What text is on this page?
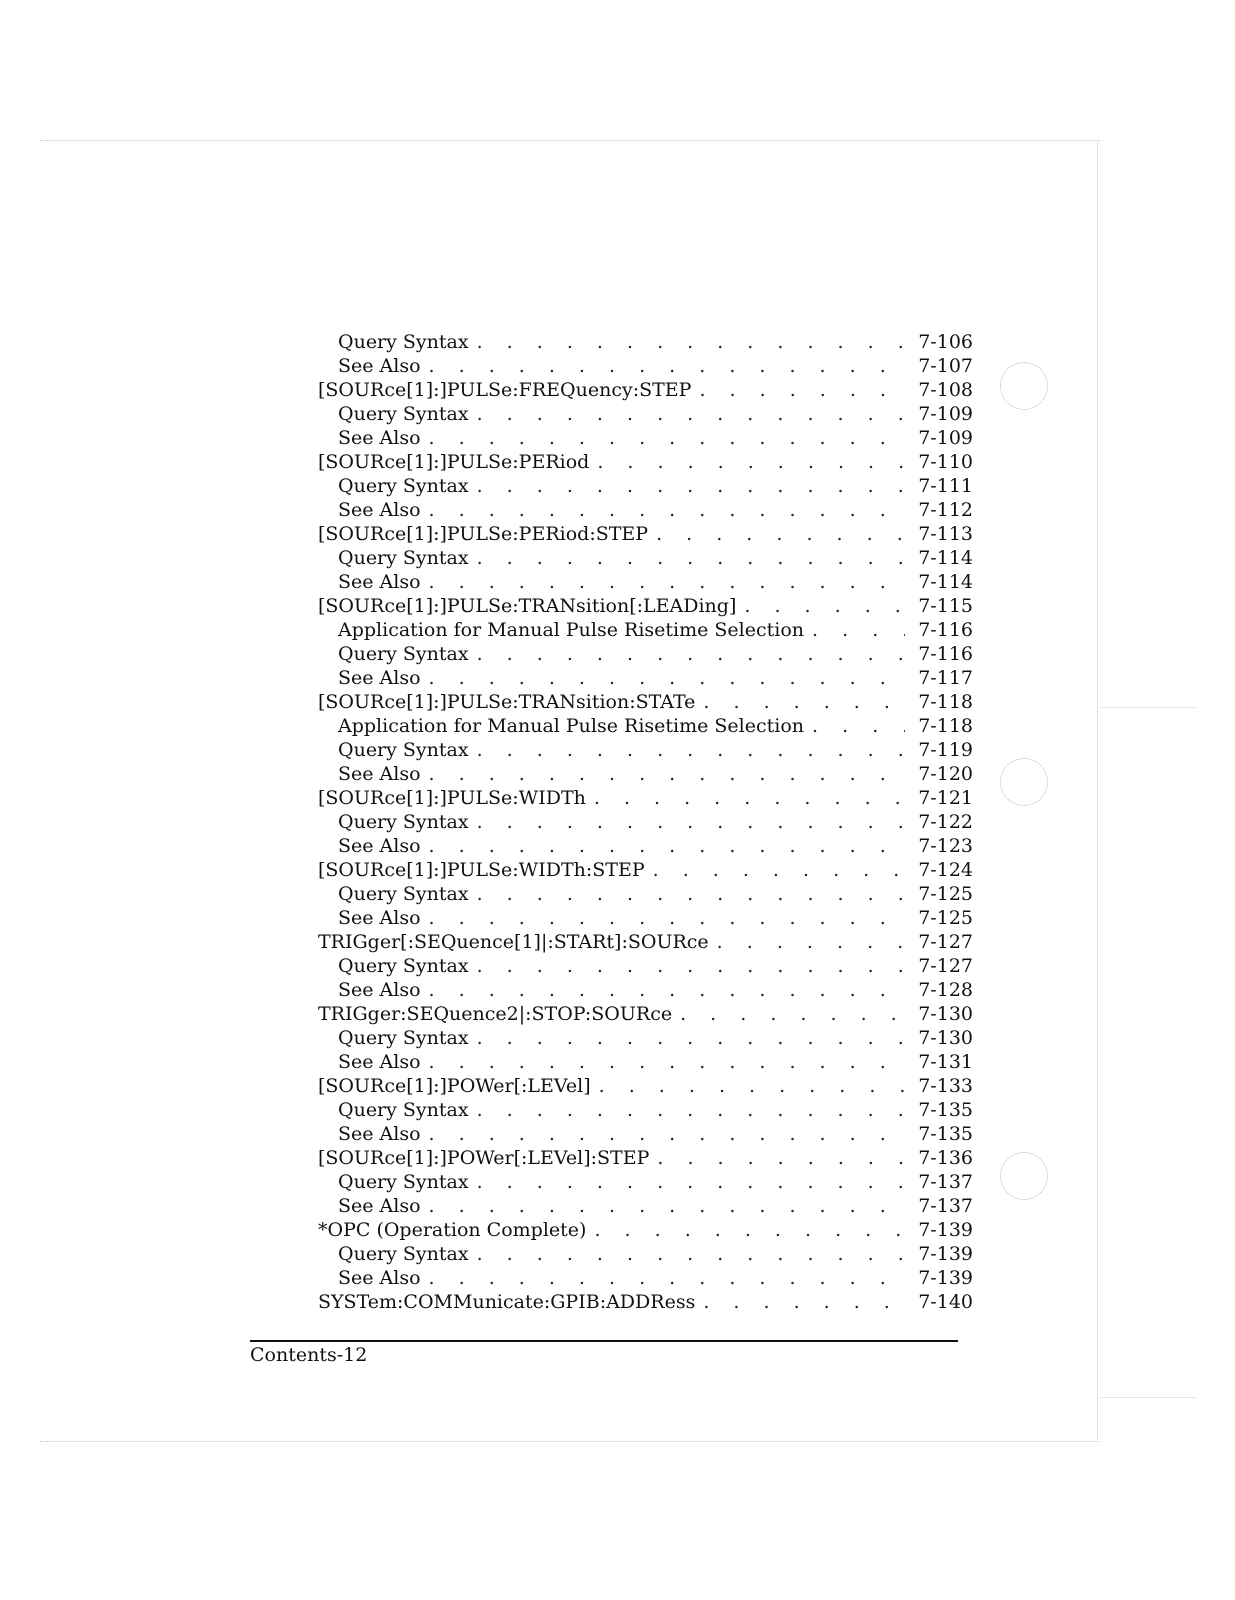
Query Syntax . . .	7-106
See Also . . .	7-107
[SOURce[1]:]PULSe:FREQuency:STEP . . .	7-108
Query Syntax . . .	7-109
See Also . . .	7-109
[SOURce[1]:]PULSe:PERiod . . .	7-110
Query Syntax . . .	7-111
See Also . . .	7-112
[SOURce[1]:]PULSe:PERiod:STEP . . .	7-113
Query Syntax . . .	7-114
See Also . . .	7-114
[SOURce[1]:]PULSe:TRANsition[:LEADing] . . .	7-115
Application for Manual Pulse Risetime Selection . . .	7-116
Query Syntax . . .	7-116
See Also . . .	7-117
[SOURce[1]:]PULSe:TRANsition:STATe . . .	7-118
Application for Manual Pulse Risetime Selection . . .	7-118
Query Syntax . . .	7-119
See Also . . .	7-120
[SOURce[1]:]PULSe:WIDTh . . .	7-121
Query Syntax . . .	7-122
See Also . . .	7-123
[SOURce[1]:]PULSe:WIDTh:STEP . . .	7-124
Query Syntax . . .	7-125
See Also . . .	7-125
TRIGger[:SEQuence[1]|:STARt]:SOURce . . .	7-127
Query Syntax . . .	7-127
See Also . . .	7-128
TRIGger:SEQuence2|:STOP:SOURce . . .	7-130
Query Syntax . . .	7-130
See Also . . .	7-131
[SOURce[1]:]POWer[:LEVel] . . .	7-133
Query Syntax . . .	7-135
See Also . . .	7-135
[SOURce[1]:]POWer[:LEVel]:STEP . . .	7-136
Query Syntax . . .	7-137
See Also . . .	7-137
*OPC (Operation Complete) . . .	7-139
Query Syntax . . .	7-139
See Also . . .	7-139
SYSTem:COMMunicate:GPIB:ADDRess . . .	7-140
Contents-12
